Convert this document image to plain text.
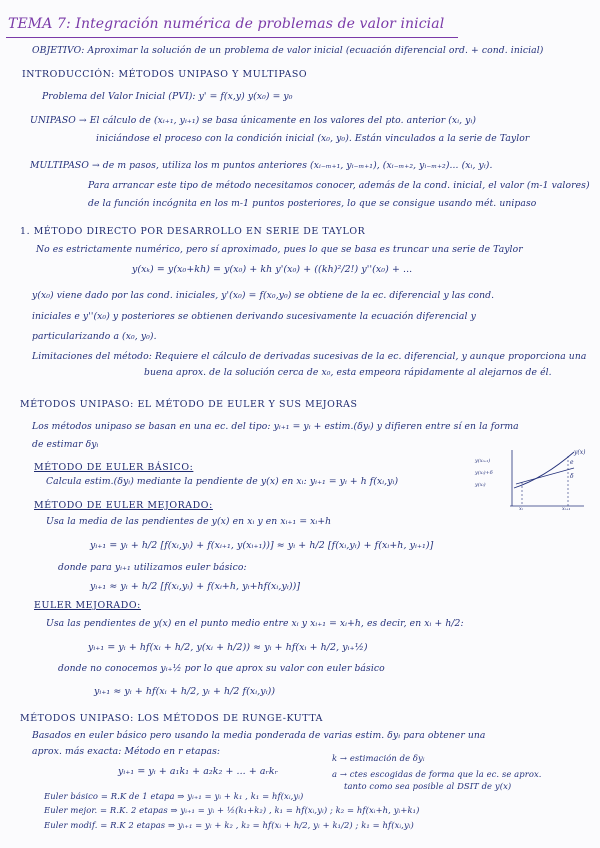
TEMA 7: Integración numérica de problemas de valor inicial
OBJETIVO: Aproximar la solución de un problema de valor inicial (ecuación diferencial ord. + cond. inicial)
INTRODUCCIÓN: MÉTODOS UNIPASO Y MULTIPASO
Problema del Valor Inicial (PVI): y' = f(x,y) y(x₀) = y₀
UNIPASO → El cálculo de (xᵢ₊₁, yᵢ₊₁) se basa únicamente en los valores del pto. anterior (xᵢ, yᵢ)
iniciándose el proceso con la condición inicial (x₀, y₀). Están vinculados a la serie de Taylor
MULTIPASO → de m pasos, utiliza los m puntos anteriores (xᵢ₋ₘ₊₁, yᵢ₋ₘ₊₁), (xᵢ₋ₘ₊₂, yᵢ₋ₘ₊₂)... (xᵢ, yᵢ).
Para arrancar este tipo de método necesitamos conocer, además de la cond. inicial, el valor (m-1 valores)
de la función incógnita en los m-1 puntos posteriores, lo que se consigue usando mét. unipaso
1. MÉTODO DIRECTO POR DESARROLLO EN SERIE DE TAYLOR
No es estrictamente numérico, pero sí aproximado, pues lo que se basa es truncar una serie de Taylor
y(xₖ) = y(x₀+kh) = y(x₀) + kh y'(x₀) + ((kh)²/2!) y''(x₀) + ...
y(x₀) viene dado por las cond. iniciales, y'(x₀) = f(x₀,y₀) se obtiene de la ec. diferencial y las cond.
iniciales e y''(x₀) y posteriores se obtienen derivando sucesivamente la ecuación diferencial y
particularizando a (x₀, y₀).
Limitaciones del método: Requiere el cálculo de derivadas sucesivas de la ec. diferencial, y aunque proporciona una
buena aprox. de la solución cerca de x₀, esta empeora rápidamente al alejarnos de él.
MÉTODOS UNIPASO: EL MÉTODO DE EULER Y SUS MEJORAS
Los métodos unipaso se basan en una ec. del tipo: yᵢ₊₁ = yᵢ + estim.(δyᵢ) y difieren entre sí en la forma
de estimar δyᵢ
MÉTODO DE EULER BÁSICO:
Calcula estim.(δyᵢ) mediante la pendiente de y(x) en xᵢ: yᵢ₊₁ = yᵢ + h f(xᵢ,yᵢ)
MÉTODO DE EULER MEJORADO:
Usa la media de las pendientes de y(x) en xᵢ y en xᵢ₊₁ = xᵢ+h
yᵢ₊₁ = yᵢ + h/2 [f(xᵢ,yᵢ) + f(xᵢ₊₁, y(xᵢ₊₁))] ≈ yᵢ + h/2 [f(xᵢ,yᵢ) + f(xᵢ+h, yᵢ₊₁)]
donde para yᵢ₊₁ utilizamos euler básico:
yᵢ₊₁ ≈ yᵢ + h/2 [f(xᵢ,yᵢ) + f(xᵢ+h, yᵢ+hf(xᵢ,yᵢ))]
EULER MEJORADO:
Usa las pendientes de y(x) en el punto medio entre xᵢ y xᵢ₊₁ = xᵢ+h, es decir, en xᵢ + h/2:
yᵢ₊₁ = yᵢ + hf(xᵢ + h/2, y(xᵢ + h/2)) ≈ yᵢ + hf(xᵢ + h/2, yᵢ₊½)
donde no conocemos yᵢ₊½ por lo que aprox su valor con euler básico
yᵢ₊₁ ≈ yᵢ + hf(xᵢ + h/2, yᵢ + h/2 f(xᵢ,yᵢ))
MÉTODOS UNIPASO: LOS MÉTODOS DE RUNGE-KUTTA
Basados en euler básico pero usando la media ponderada de varias estim. δyᵢ para obtener una
aprox. más exacta: Método en r etapas:
yᵢ₊₁ = yᵢ + a₁k₁ + a₂k₂ + ... + aᵣkᵣ
k → estimación de δyᵢ
a → ctes escogidas de forma que la ec. se aprox.
tanto como sea posible al DSIT de y(x)
Euler básico = R.K de 1 etapa ⇒ yᵢ₊₁ = yᵢ + k₁ , k₁ = hf(xᵢ,yᵢ)
Euler mejor. = R.K. 2 etapas ⇒ yᵢ₊₁ = yᵢ + ½(k₁+k₂) , k₁ = hf(xᵢ,yᵢ) ; k₂ = hf(xᵢ+h, yᵢ+k₁)
Euler modif. = R.K 2 etapas ⇒ yᵢ₊₁ = yᵢ + k₂ , k₂ = hf(xᵢ + h/2, yᵢ + k₁/2) ; k₁ = hf(xᵢ,yᵢ)
y(x)
y(xᵢ₊₁)
y(xᵢ)+δ
y(xᵢ)
δ
e
xᵢ	xᵢ₊₁
